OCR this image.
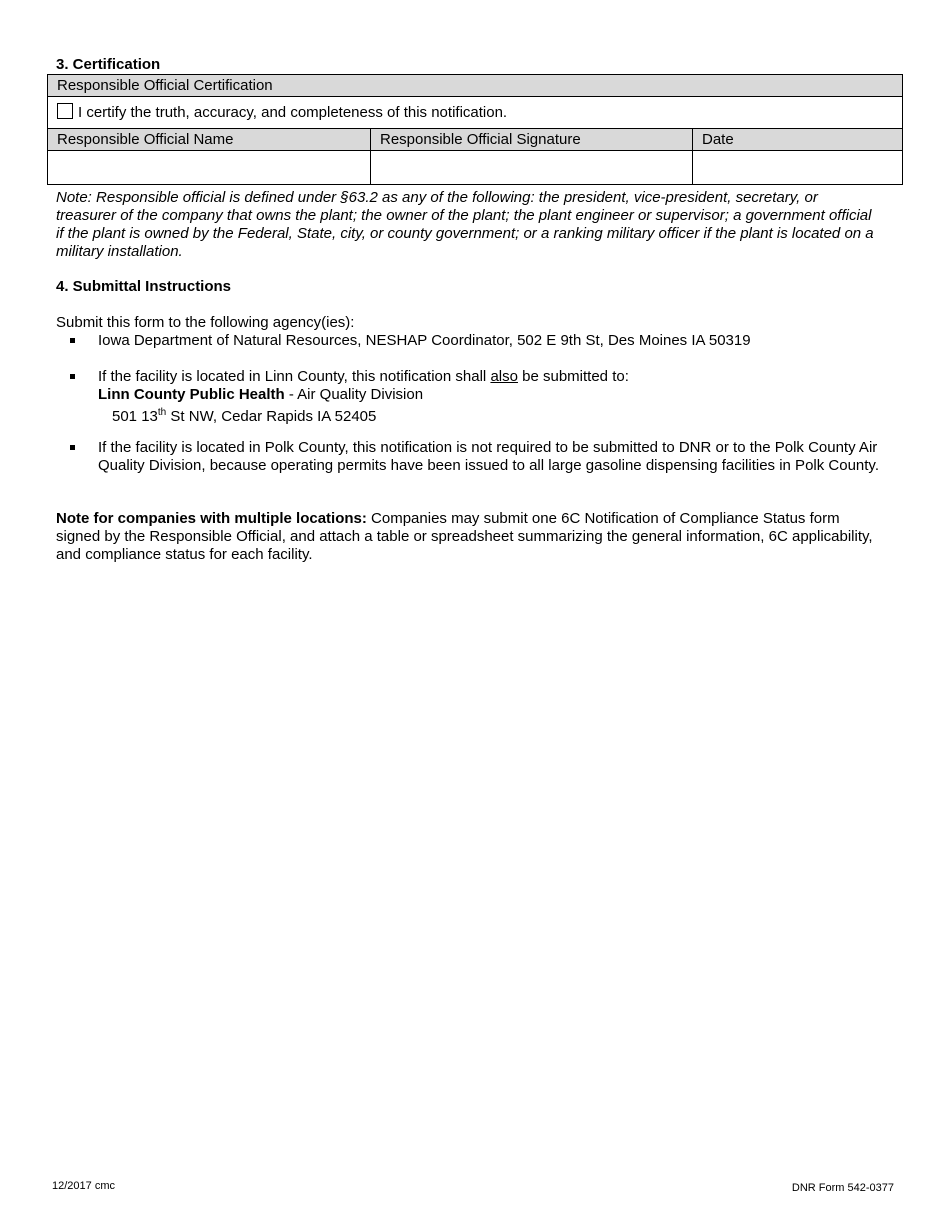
3. Certification
Responsible Official Certification		
I certify the truth, accuracy, and completeness of this notification.		
Responsible Official Name	Responsible Official Signature	Date

Note: Responsible official is defined under §63.2 as any of the following: the president, vice-president, secretary, or treasurer of the company that owns the plant; the owner of the plant; the plant engineer or supervisor; a government official if the plant is owned by the Federal, State, city, or county government; or a ranking military officer if the plant is located on a military installation.
4. Submittal Instructions
Submit this form to the following agency(ies):
Iowa Department of Natural Resources, NESHAP Coordinator, 502 E 9th St, Des Moines IA 50319
If the facility is located in Linn County, this notification shall also be submitted to:
Linn County Public Health - Air Quality Division
501 13th St NW, Cedar Rapids IA 52405
If the facility is located in Polk County, this notification is not required to be submitted to DNR or to the Polk County Air Quality Division, because operating permits have been issued to all large gasoline dispensing facilities in Polk County.
Note for companies with multiple locations: Companies may submit one 6C Notification of Compliance Status form signed by the Responsible Official, and attach a table or spreadsheet summarizing the general information, 6C applicability, and compliance status for each facility.
12/2017 cmc	DNR Form 542-0377
